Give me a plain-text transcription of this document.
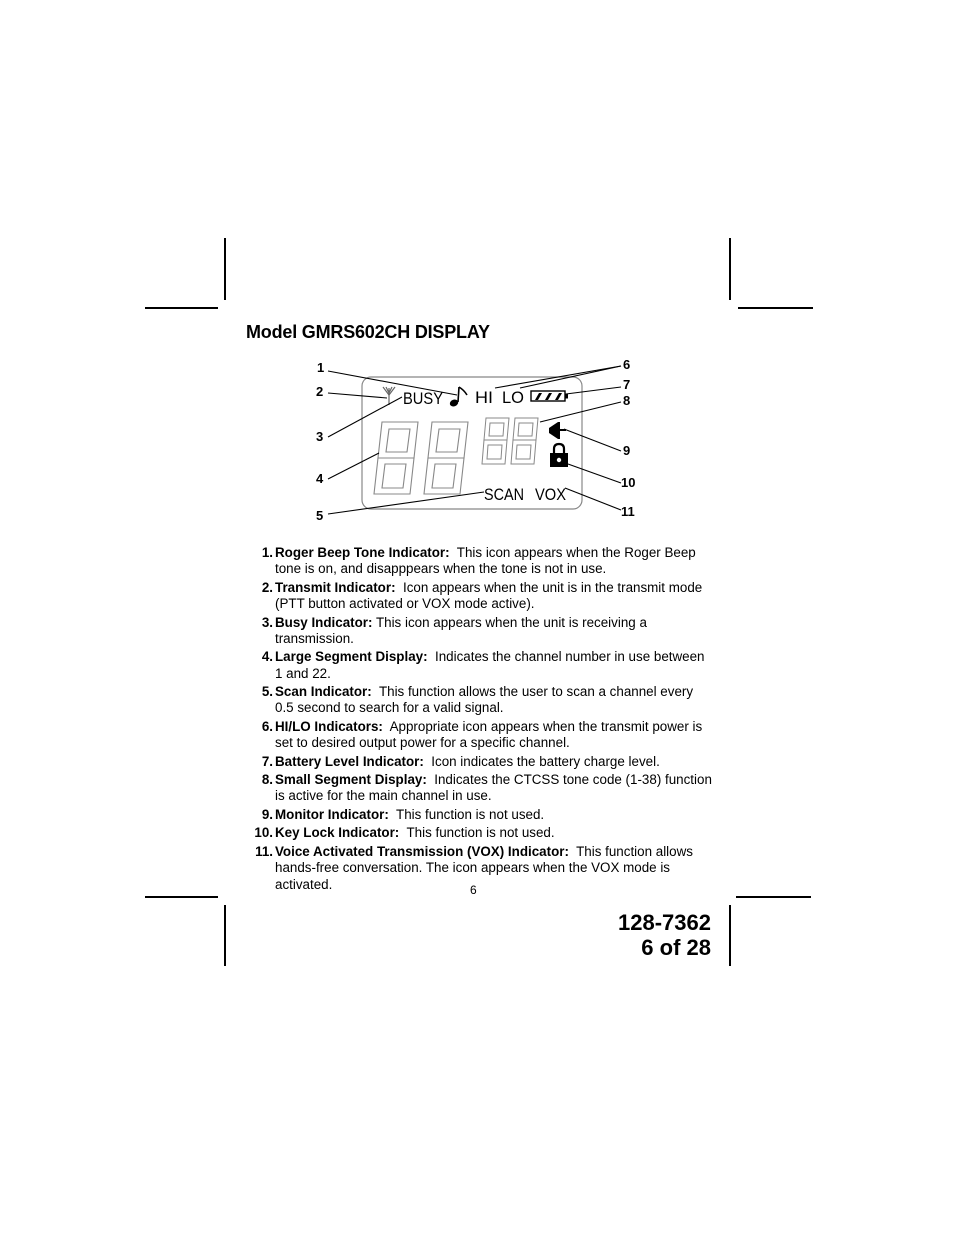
Model GMRS602CH DISPLAY
BUSY HI LO
SCAN VOX
1
2
3
4
5
6
7
8
9
10
11
1. Roger Beep Tone Indicator: This icon appears when the Roger Beep tone is on, and disapppears when the tone is not in use.
2. Transmit Indicator: Icon appears when the unit is in the transmit mode (PTT button activated or VOX mode active).
3. Busy Indicator: This icon appears when the unit is receiving a transmission.
4. Large Segment Display: Indicates the channel number in use between 1 and 22.
5. Scan Indicator: This function allows the user to scan a channel every 0.5 second to search for a valid signal.
6. HI/LO Indicators: Appropriate icon appears when the transmit power is set to desired output power for a specific channel.
7. Battery Level Indicator: Icon indicates the battery charge level.
8. Small Segment Display: Indicates the CTCSS tone code (1-38) function is active for the main channel in use.
9. Monitor Indicator: This function is not used.
10. Key Lock Indicator: This function is not used.
11. Voice Activated Transmission (VOX) Indicator: This function allows hands-free conversation. The icon appears when the VOX mode is activated.	6
128-7362
6 of 28
